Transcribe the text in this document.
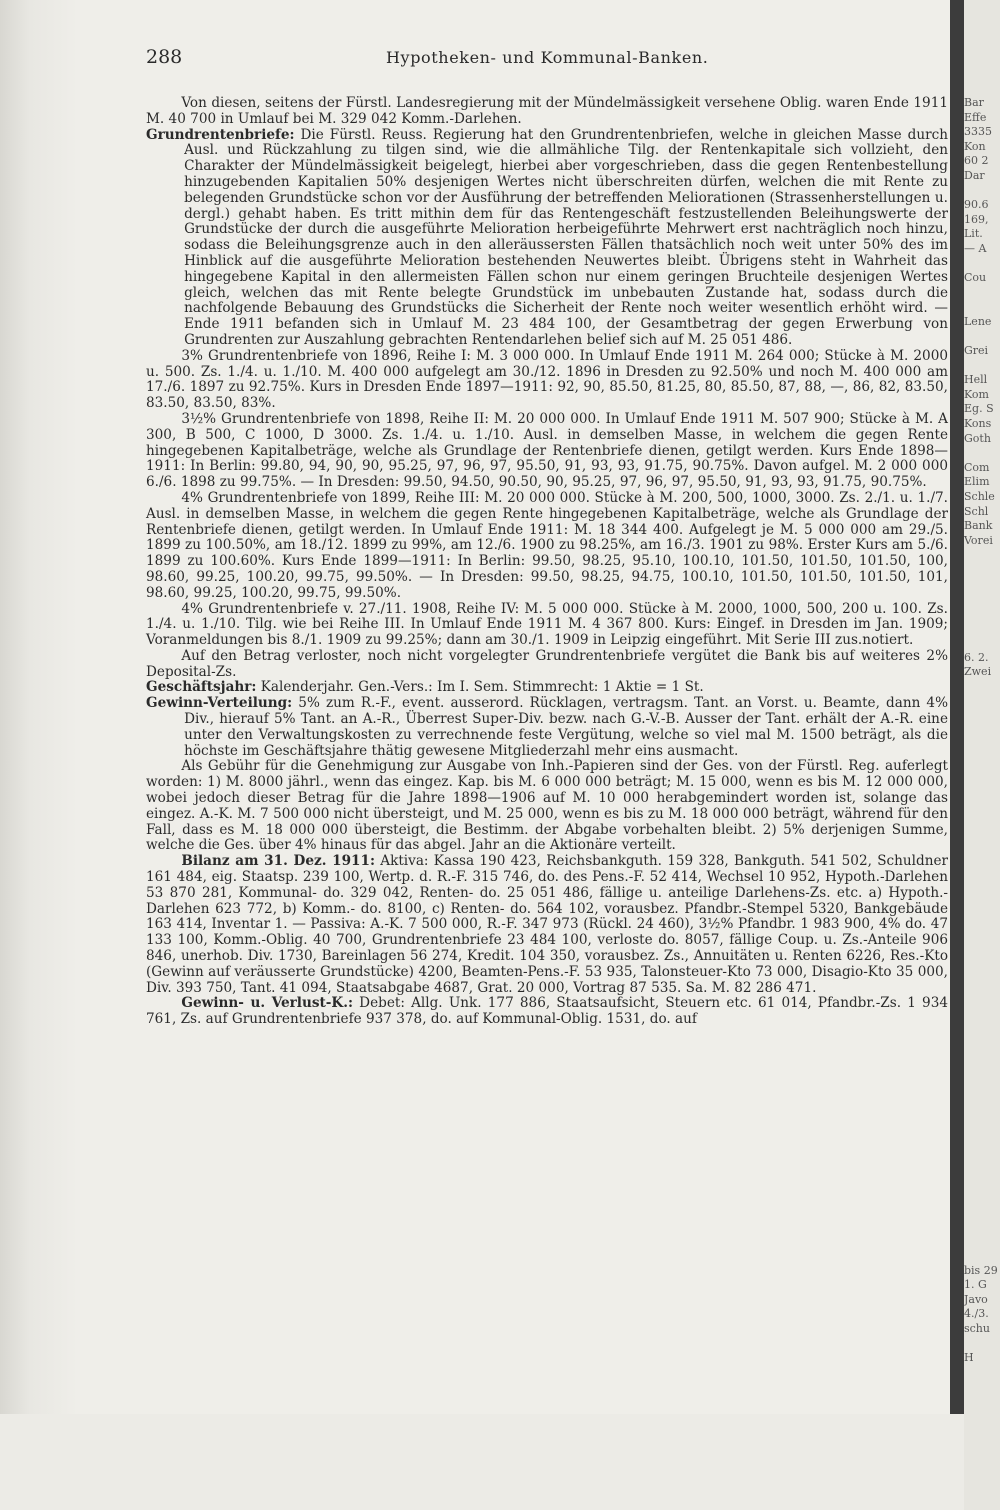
288	Hypotheken- und Kommunal-Banken.

Von diesen, seitens der Fürstl. Landesregierung mit der Mündelmässigkeit versehene Oblig. waren Ende 1911 M. 40 700 in Umlauf bei M. 329 042 Komm.-Darlehen.

Grundrentenbriefe: Die Fürstl. Reuss. Regierung hat den Grundrentenbriefen, welche in gleichen Masse durch Ausl. und Rückzahlung zu tilgen sind, wie die allmähliche Tilg. der Rentenkapitale sich vollzieht, den Charakter der Mündelmässigkeit beigelegt, hierbei aber vorgeschrieben, dass die gegen Rentenbestellung hinzugebenden Kapitalien 50% desjenigen Wertes nicht überschreiten dürfen, welchen die mit Rente zu belegenden Grundstücke schon vor der Ausführung der betreffenden Meliorationen (Strassenherstellungen u. dergl.) gehabt haben. Es tritt mithin dem für das Rentengeschäft festzustellenden Beleihungswerte der Grundstücke der durch die ausgeführte Melioration herbeigeführte Mehrwert erst nachträglich noch hinzu, sodass die Beleihungsgrenze auch in den alleräussersten Fällen thatsächlich noch weit unter 50% des im Hinblick auf die ausgeführte Melioration bestehenden Neuwertes bleibt. Übrigens steht in Wahrheit das hingegebene Kapital in den allermeisten Fällen schon nur einem geringen Bruchteile desjenigen Wertes gleich, welchen das mit Rente belegte Grundstück im unbebauten Zustande hat, sodass durch die nachfolgende Bebauung des Grundstücks die Sicherheit der Rente noch weiter wesentlich erhöht wird. — Ende 1911 befanden sich in Umlauf M. 23 484 100, der Gesamtbetrag der gegen Erwerbung von Grundrenten zur Auszahlung gebrachten Rentendarlehen belief sich auf M. 25 051 486.

3% Grundrentenbriefe von 1896, Reihe I: M. 3 000 000. In Umlauf Ende 1911 M. 264 000; Stücke à M. 2000 u. 500. Zs. 1./4. u. 1./10. M. 400 000 aufgelegt am 30./12. 1896 in Dresden zu 92.50% und noch M. 400 000 am 17./6. 1897 zu 92.75%. Kurs in Dresden Ende 1897—1911: 92, 90, 85.50, 81.25, 80, 85.50, 87, 88, —, 86, 82, 83.50, 83.50, 83.50, 83%.

3½% Grundrentenbriefe von 1898, Reihe II: M. 20 000 000. In Umlauf Ende 1911 M. 507 900; Stücke à M. A 300, B 500, C 1000, D 3000. Zs. 1./4. u. 1./10. Ausl. in demselben Masse, in welchem die gegen Rente hingegebenen Kapitalbeträge, welche als Grundlage der Rentenbriefe dienen, getilgt werden. Kurs Ende 1898—1911: In Berlin: 99.80, 94, 90, 90, 95.25, 97, 96, 97, 95.50, 91, 93, 93, 91.75, 90.75%. Davon aufgel. M. 2 000 000 6./6. 1898 zu 99.75%. — In Dresden: 99.50, 94.50, 90.50, 90, 95.25, 97, 96, 97, 95.50, 91, 93, 93, 91.75, 90.75%.

4% Grundrentenbriefe von 1899, Reihe III: M. 20 000 000. Stücke à M. 200, 500, 1000, 3000. Zs. 2./1. u. 1./7. Ausl. in demselben Masse, in welchem die gegen Rente hingegebenen Kapitalbeträge, welche als Grundlage der Rentenbriefe dienen, getilgt werden. In Umlauf Ende 1911: M. 18 344 400. Aufgelegt je M. 5 000 000 am 29./5. 1899 zu 100.50%, am 18./12. 1899 zu 99%, am 12./6. 1900 zu 98.25%, am 16./3. 1901 zu 98%. Erster Kurs am 5./6. 1899 zu 100.60%. Kurs Ende 1899—1911: In Berlin: 99.50, 98.25, 95.10, 100.10, 101.50, 101.50, 101.50, 100, 98.60, 99.25, 100.20, 99.75, 99.50%. — In Dresden: 99.50, 98.25, 94.75, 100.10, 101.50, 101.50, 101.50, 101, 98.60, 99.25, 100.20, 99.75, 99.50%.

4% Grundrentenbriefe v. 27./11. 1908, Reihe IV: M. 5 000 000. Stücke à M. 2000, 1000, 500, 200 u. 100. Zs. 1./4. u. 1./10. Tilg. wie bei Reihe III. In Umlauf Ende 1911 M. 4 367 800. Kurs: Eingef. in Dresden im Jan. 1909; Voranmeldungen bis 8./1. 1909 zu 99.25%; dann am 30./1. 1909 in Leipzig eingeführt. Mit Serie III zus.notiert.

Auf den Betrag verloster, noch nicht vorgelegter Grundrentenbriefe vergütet die Bank bis auf weiteres 2% Deposital-Zs.

Geschäftsjahr: Kalenderjahr. Gen.-Vers.: Im I. Sem. Stimmrecht: 1 Aktie = 1 St.

Gewinn-Verteilung: 5% zum R.-F., event. ausserord. Rücklagen, vertragsm. Tant. an Vorst. u. Beamte, dann 4% Div., hierauf 5% Tant. an A.-R., Überrest Super-Div. bezw. nach G.-V.-B. Ausser der Tant. erhält der A.-R. eine unter den Verwaltungskosten zu verrechnende feste Vergütung, welche so viel mal M. 1500 beträgt, als die höchste im Geschäftsjahre thätig gewesene Mitgliederzahl mehr eins ausmacht.

Als Gebühr für die Genehmigung zur Ausgabe von Inh.-Papieren sind der Ges. von der Fürstl. Reg. auferlegt worden: 1) M. 8000 jährl., wenn das eingez. Kap. bis M. 6 000 000 beträgt; M. 15 000, wenn es bis M. 12 000 000, wobei jedoch dieser Betrag für die Jahre 1898—1906 auf M. 10 000 herabgemindert worden ist, solange das eingez. A.-K. M. 7 500 000 nicht übersteigt, und M. 25 000, wenn es bis zu M. 18 000 000 beträgt, während für den Fall, dass es M. 18 000 000 übersteigt, die Bestimm. der Abgabe vorbehalten bleibt. 2) 5% derjenigen Summe, welche die Ges. über 4% hinaus für das abgel. Jahr an die Aktionäre verteilt.

Bilanz am 31. Dez. 1911: Aktiva: Kassa 190 423, Reichsbankguth. 159 328, Bankguth. 541 502, Schuldner 161 484, eig. Staatsp. 239 100, Wertp. d. R.-F. 315 746, do. des Pens.-F. 52 414, Wechsel 10 952, Hypoth.-Darlehen 53 870 281, Kommunal- do. 329 042, Renten- do. 25 051 486, fällige u. anteilige Darlehens-Zs. etc. a) Hypoth.-Darlehen 623 772, b) Komm.- do. 8100, c) Renten- do. 564 102, vorausbez. Pfandbr.-Stempel 5320, Bankgebäude 163 414, Inventar 1. — Passiva: A.-K. 7 500 000, R.-F. 347 973 (Rückl. 24 460), 3½% Pfandbr. 1 983 900, 4% do. 47 133 100, Komm.-Oblig. 40 700, Grundrentenbriefe 23 484 100, verloste do. 8057, fällige Coup. u. Zs.-Anteile 906 846, unerhob. Div. 1730, Bareinlagen 56 274, Kredit. 104 350, vorausbez. Zs., Annuitäten u. Renten 6226, Res.-Kto (Gewinn auf veräusserte Grundstücke) 4200, Beamten-Pens.-F. 53 935, Talonsteuer-Kto 73 000, Disagio-Kto 35 000, Div. 393 750, Tant. 41 094, Staatsabgabe 4687, Grat. 20 000, Vortrag 87 535. Sa. M. 82 286 471.

Gewinn- u. Verlust-K.: Debet: Allg. Unk. 177 886, Staatsaufsicht, Steuern etc. 61 014, Pfandbr.-Zs. 1 934 761, Zs. auf Grundrentenbriefe 937 378, do. auf Kommunal-Oblig. 1531, do. auf

Bar
Effe
3335
Kon
60 2
Dar
90.6
169,
Lit.
— A
Cou
Lene
Grei
Hell
Kom
Eg. S
Kons
Goth
Com
Elim
Schle
Schl
Bank
Vorei
6. 2.
Zwei
bis 29
1. G
Javo
4./3.
schu
H
